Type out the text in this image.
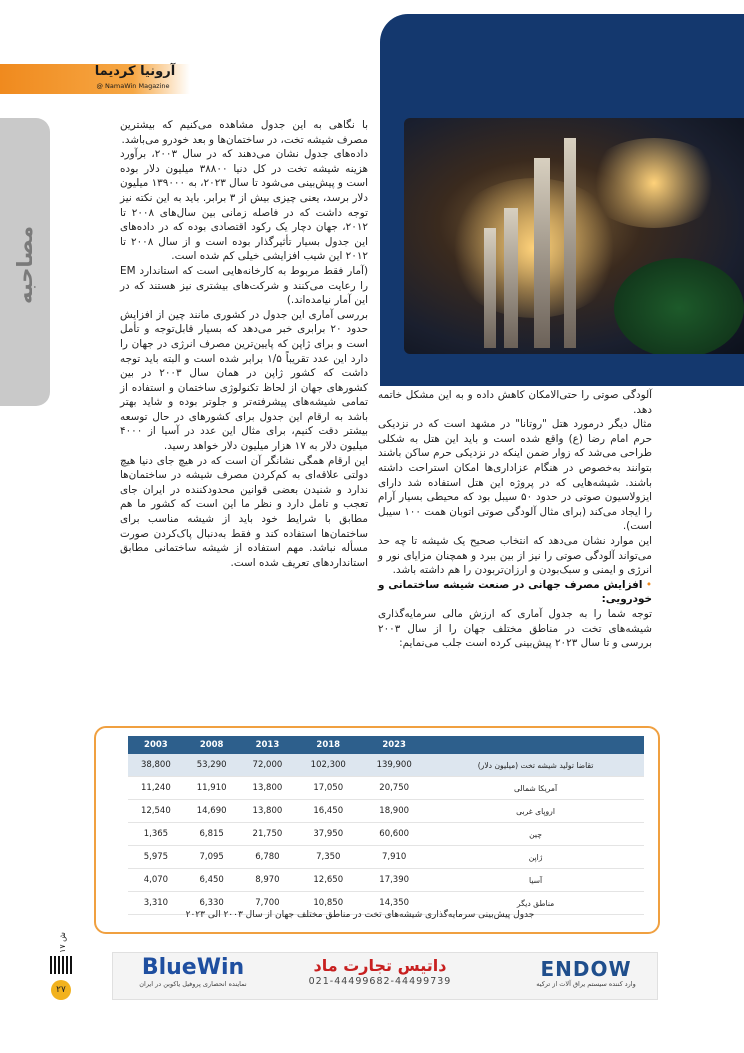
آرونیا کردیما
@ NamaWin Magazine
مصاحبه

با نگاهی به این جدول مشاهده می‌کنیم که بیشترین مصرف شیشه تخت، در ساختمان‌ها و بعد خودرو می‌باشد.

داده‌های جدول نشان می‌دهند که در سال ۲۰۰۳، برآورد هزینه شیشه تخت در کل دنیا ۳۸۸۰۰ میلیون دلار بوده است و پیش‌بینی می‌شود تا سال ۲۰۲۳، به ۱۳۹۰۰۰ میلیون دلار برسد، یعنی چیزی بیش از ۳ برابر. باید به این نکته نیز توجه داشت که در فاصله زمانی بین سال‌های ۲۰۰۸ تا ۲۰۱۲، جهان دچار یک رکود اقتصادی بوده که در داده‌های این جدول بسیار تأثیرگذار بوده است و از سال ۲۰۰۸ تا ۲۰۱۲ این شیب افزایشی خیلی کم شده است.

(آمار فقط مربوط به کارخانه‌هایی است که استاندارد EM را رعایت می‌کنند و شرکت‌های بیشتری نیز هستند که در این آمار نیامده‌اند.)

بررسی آماری این جدول در کشوری مانند چین از افزایش حدود ۲۰ برابری خبر می‌دهد که بسیار قابل‌توجه و تأمل است و برای ژاپن که پایین‌ترین مصرف انرژی در جهان را دارد این عدد تقریباً ۱/۵ برابر شده است و البته باید توجه داشت که کشور ژاپن در همان سال ۲۰۰۳ در بین کشورهای جهان از لحاظ تکنولوژی ساختمان و استفاده از تمامی شیشه‌های پیشرفته‌تر و جلوتر بوده و شاید بهتر باشد به ارقام این جدول برای کشورهای در حال توسعه بیشتر دقت کنیم، برای مثال این عدد در آسیا از ۴۰۰۰ میلیون دلار به ۱۷ هزار میلیون دلار خواهد رسید.

این ارقام همگی نشانگر آن است که در هیچ جای دنیا هیچ دولتی علاقه‌ای به کم‌کردن مصرف شیشه در ساختمان‌ها ندارد و شنیدن بعضی قوانین محدودکننده در ایران جای تعجب و تامل دارد و نظر ما این است که کشور ما هم مطابق با شرایط خود باید از شیشه مناسب برای ساختمان‌ها استفاده کند و فقط به‌دنبال پاک‌کردن صورت مسأله نباشد. مهم استفاده از شیشه ساختمانی مطابق استانداردهای تعریف شده است.

آلودگی صوتی را حتی‌الامکان کاهش داده و به این مشکل خاتمه دهد.

مثال دیگر درمورد هتل "روتانا" در مشهد است که در نزدیکی حرم امام رضا (ع) واقع شده است و باید این هتل به شکلی طراحی می‌شد که زوار ضمن اینکه در نزدیکی حرم ساکن باشند بتوانند به‌خصوص در هنگام عزاداری‌ها امکان استراحت داشته باشند. شیشه‌هایی که در پروژه این هتل استفاده شد دارای ایزولاسیون صوتی در حدود ۵۰ سیبل بود که محیطی بسیار آرام را ایجاد می‌کند (برای مثال آلودگی صوتی اتوبان همت ۱۰۰ سیبل است).

این موارد نشان می‌دهد که انتخاب صحیح یک شیشه تا چه حد می‌تواند آلودگی صوتی را نیز از بین ببرد و همچنان مزایای نور و انرژی و ایمنی و سبک‌بودن و ارزان‌تربودن را هم داشته باشد.

• افزایش مصرف جهانی در صنعت شیشه ساختمانی و خودرویی:

توجه شما را به جدول آماری که ارزش مالی سرمایه‌گذاری شیشه‌های تخت در مناطق مختلف جهان را از سال ۲۰۰۳ بررسی و تا سال ۲۰۲۳ پیش‌بینی کرده است جلب می‌نمایم:

2003	2008	2013	2018	2023	
38,800	53,290	72,000	102,300	139,900	تقاضا تولید شیشه تخت (میلیون دلار)
11,240	11,910	13,800	17,050	20,750	آمریکا شمالی
12,540	14,690	13,800	16,450	18,900	اروپای غربی
1,365	6,815	21,750	37,950	60,600	چین
5,975	7,095	6,780	7,350	7,910	ژاپن
4,070	6,450	8,970	12,650	17,390	آسیا
3,310	6,330	7,700	10,850	14,350	مناطق دیگر
جدول پیش‌بینی سرمایه‌گذاری شیشه‌های تخت در مناطق مختلف جهان از سال ۲۰۰۳ الی ۲۰۲۳
ش ۱۷
۲۷
ENDOW
وارد کننده سیستم یراق آلات از ترکیه
داتیس تجارت ماد
021-44499682-44499739
BlueWin
نماینده انحصاری پروفیل یاکوبن در ایران
